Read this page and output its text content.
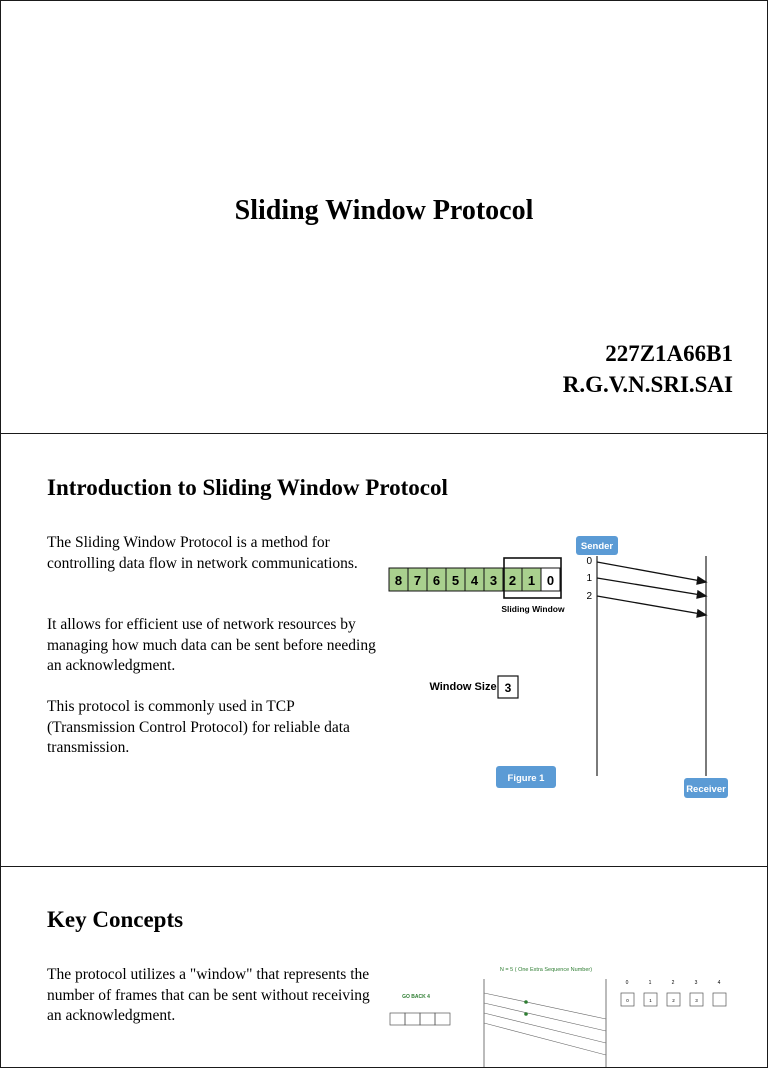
Sliding Window Protocol
227Z1A66B1
R.G.V.N.SRI.SAI
Introduction to Sliding Window Protocol
The Sliding Window Protocol is a method for controlling data flow in network communications.
It allows for efficient use of network resources by managing how much data can be sent before needing an acknowledgment.
This protocol is commonly used in TCP (Transmission Control Protocol) for reliable data transmission.
8 7 6 5 4 3 2 1 0
Sliding Window
Window Size 3
Sender
Receiver
Figure 1
0
1
2
Key Concepts
The protocol utilizes a "window" that represents the number of frames that can be sent without receiving an acknowledgment.
N = 5 ( One Extra Sequence Number)
GO BACK 4
0	1	2	3	4
0	1	2	3
